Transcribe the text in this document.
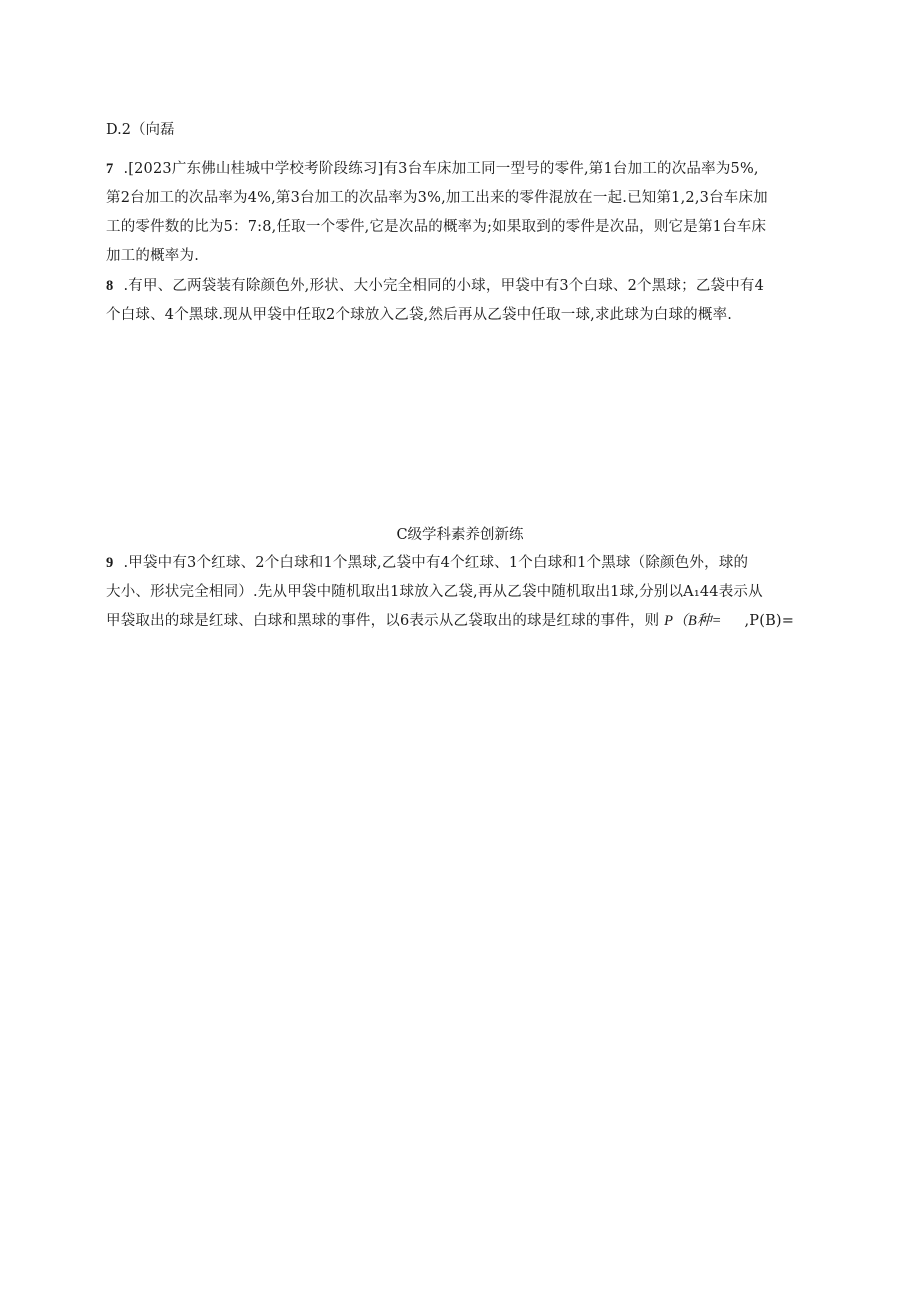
D.2（向磊
7 .[2023广东佛山桂城中学校考阶段练习]有3台车床加工同一型号的零件,第1台加工的次品率为5%,
第2台加工的次品率为4%,第3台加工的次品率为3%,加工出来的零件混放在一起.已知第1,2,3台车床加
工的零件数的比为5：7:8,任取一个零件,它是次品的概率为;如果取到的零件是次品，则它是第1台车床
加工的概率为.
8 .有甲、乙两袋装有除颜色外,形状、大小完全相同的小球，甲袋中有3个白球、2个黑球；乙袋中有4
个白球、4个黑球.现从甲袋中任取2个球放入乙袋,然后再从乙袋中任取一球,求此球为白球的概率.
C级学科素养创新练
9 .甲袋中有3个红球、2个白球和1个黑球,乙袋中有4个红球、1个白球和1个黑球（除颜色外，球的
大小、形状完全相同）.先从甲袋中随机取出1球放入乙袋,再从乙袋中随机取出1球,分别以A₁44表示从
甲袋取出的球是红球、白球和黑球的事件，以6表示从乙袋取出的球是红球的事件，则 P（B种= ,P(B)=
